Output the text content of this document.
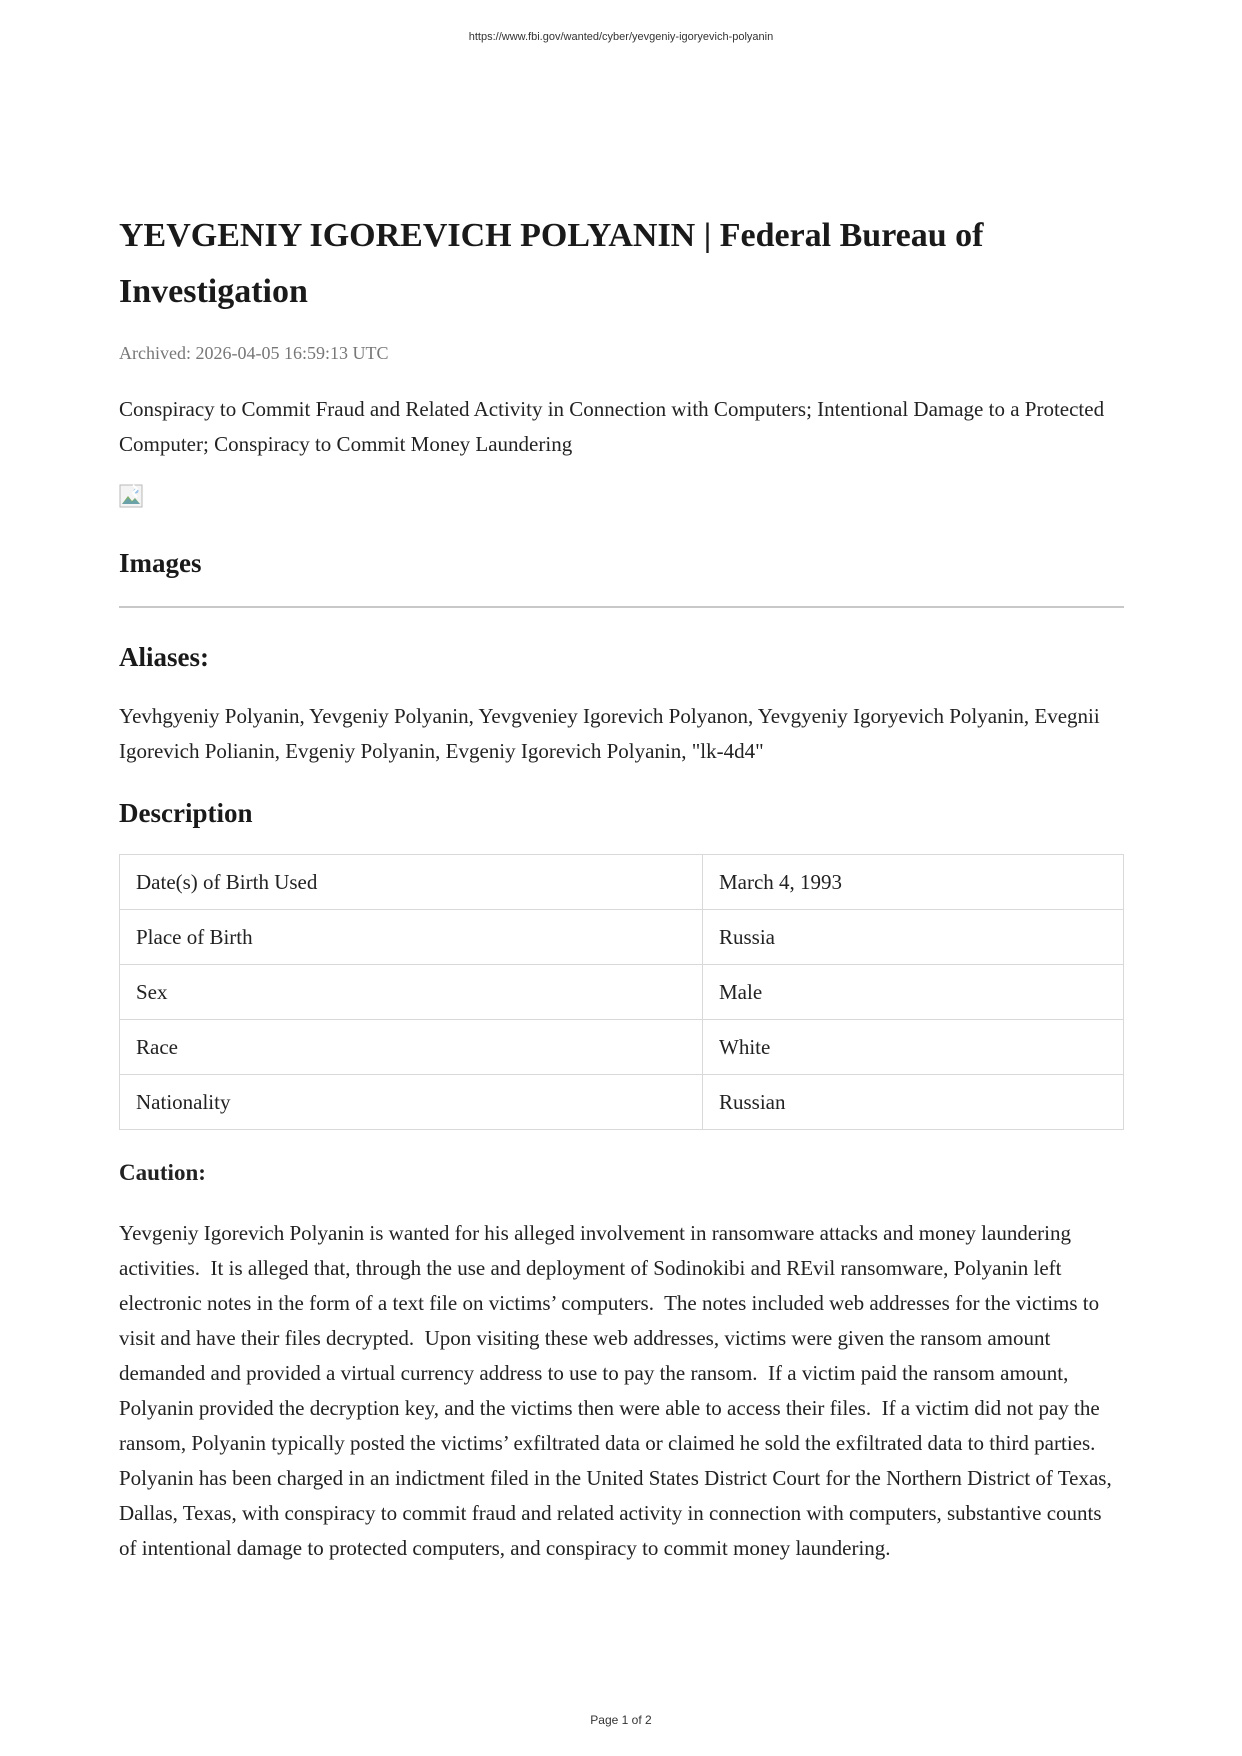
https://www.fbi.gov/wanted/cyber/yevgeniy-igoryevich-polyanin
YEVGENIY IGOREVICH POLYANIN | Federal Bureau of Investigation
Archived: 2026-04-05 16:59:13 UTC
Conspiracy to Commit Fraud and Related Activity in Connection with Computers; Intentional Damage to a Protected Computer; Conspiracy to Commit Money Laundering
Images
Aliases:
Yevhgyeniy Polyanin, Yevgeniy Polyanin, Yevgveniey Igorevich Polyanon, Yevgyeniy Igoryevich Polyanin, Evegnii Igorevich Polianin, Evgeniy Polyanin, Evgeniy Igorevich Polyanin, "lk-4d4"
Description
Date(s) of Birth Used	March 4, 1993
Place of Birth	Russia
Sex	Male
Race	White
Nationality	Russian
Caution:
Yevgeniy Igorevich Polyanin is wanted for his alleged involvement in ransomware attacks and money laundering activities.  It is alleged that, through the use and deployment of Sodinokibi and REvil ransomware, Polyanin left electronic notes in the form of a text file on victims’ computers.  The notes included web addresses for the victims to visit and have their files decrypted.  Upon visiting these web addresses, victims were given the ransom amount demanded and provided a virtual currency address to use to pay the ransom.  If a victim paid the ransom amount, Polyanin provided the decryption key, and the victims then were able to access their files.  If a victim did not pay the ransom, Polyanin typically posted the victims’ exfiltrated data or claimed he sold the exfiltrated data to third parties.  Polyanin has been charged in an indictment filed in the United States District Court for the Northern District of Texas, Dallas, Texas, with conspiracy to commit fraud and related activity in connection with computers, substantive counts of intentional damage to protected computers, and conspiracy to commit money laundering.
Page 1 of 2
